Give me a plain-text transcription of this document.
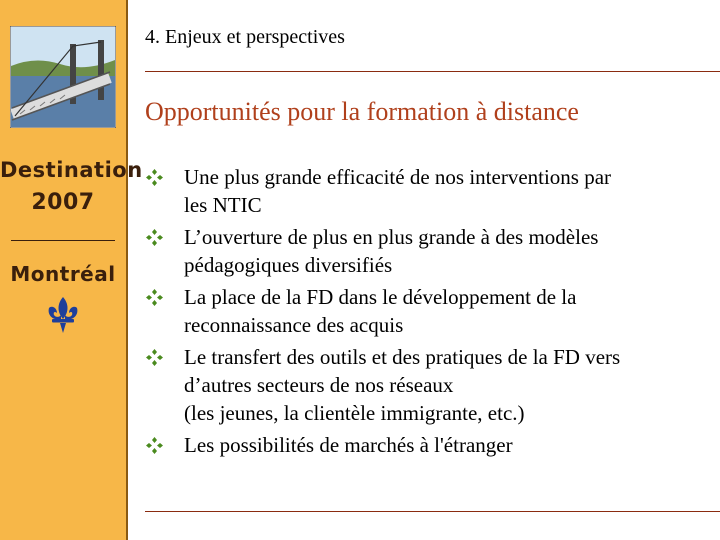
Destination
2007
Montréal
4. Enjeux et perspectives
Opportunités pour la formation à distance
Une plus grande efficacité de nos interventions par
les NTIC
L’ouverture de plus en plus grande à des modèles
pédagogiques diversifiés
La place de la FD dans le développement de la
reconnaissance des acquis
Le transfert des outils et des pratiques de la FD vers
d’autres secteurs de nos réseaux
(les jeunes, la clientèle immigrante, etc.)
Les possibilités de marchés à l'étranger
